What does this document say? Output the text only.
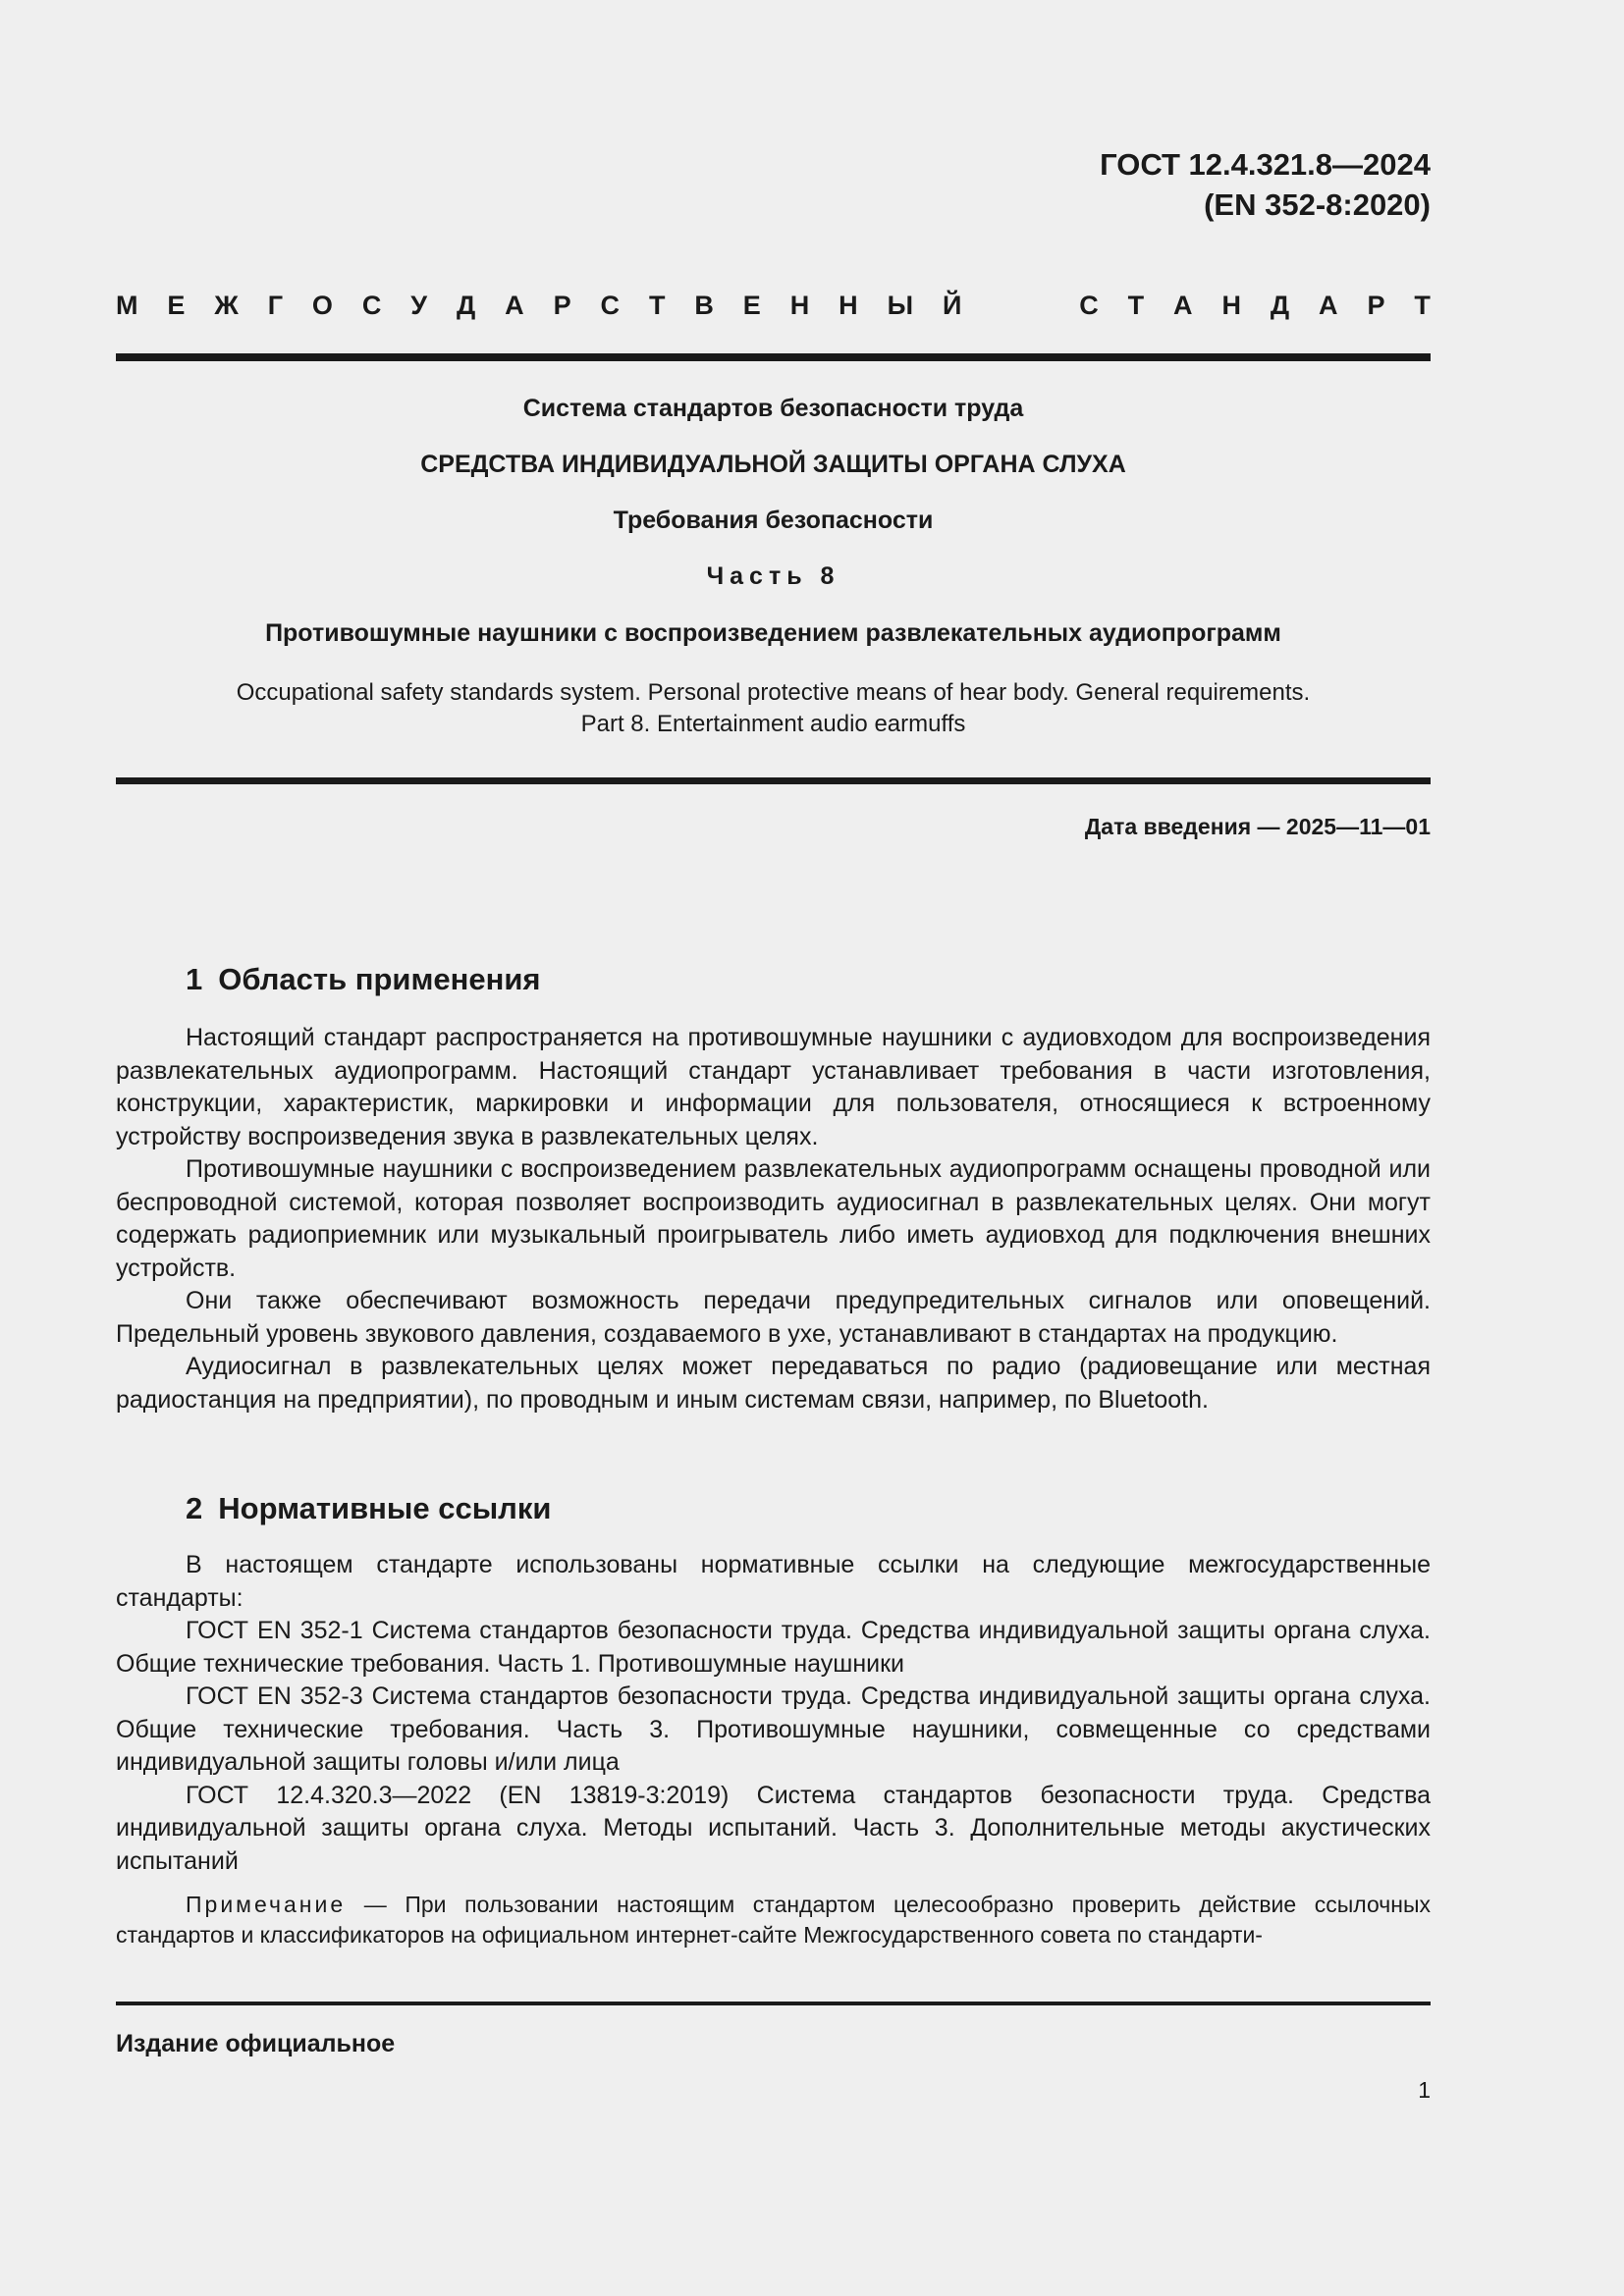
ГОСТ 12.4.321.8—2024
(EN 352-8:2020)
М Е Ж Г О С У Д А Р С Т В Е Н Н Ы Й	С Т А Н Д А Р Т
Система стандартов безопасности труда
СРЕДСТВА ИНДИВИДУАЛЬНОЙ ЗАЩИТЫ ОРГАНА СЛУХА
Требования безопасности
Часть 8
Противошумные наушники с воспроизведением развлекательных аудиопрограмм
Occupational safety standards system. Personal protective means of hear body. General requirements.
Part 8. Entertainment audio earmuffs
Дата введения — 2025—11—01
1 Область применения

Настоящий стандарт распространяется на противошумные наушники с аудиовходом для воспроизведения развлекательных аудиопрограмм. Настоящий стандарт устанавливает требования в части изготовления, конструкции, характеристик, маркировки и информации для пользователя, относящиеся к встроенному устройству воспроизведения звука в развлекательных целях.

Противошумные наушники с воспроизведением развлекательных аудиопрограмм оснащены проводной или беспроводной системой, которая позволяет воспроизводить аудиосигнал в развлекательных целях. Они могут содержать радиоприемник или музыкальный проигрыватель либо иметь аудиовход для подключения внешних устройств.

Они также обеспечивают возможность передачи предупредительных сигналов или оповещений. Предельный уровень звукового давления, создаваемого в ухе, устанавливают в стандартах на продукцию.

Аудиосигнал в развлекательных целях может передаваться по радио (радиовещание или местная радиостанция на предприятии), по проводным и иным системам связи, например, по Bluetooth.

2 Нормативные ссылки

В настоящем стандарте использованы нормативные ссылки на следующие межгосударственные стандарты:

ГОСТ EN 352-1 Система стандартов безопасности труда. Средства индивидуальной защиты органа слуха. Общие технические требования. Часть 1. Противошумные наушники

ГОСТ EN 352-3 Система стандартов безопасности труда. Средства индивидуальной защиты органа слуха. Общие технические требования. Часть 3. Противошумные наушники, совмещенные со средствами индивидуальной защиты головы и/или лица

ГОСТ 12.4.320.3—2022 (EN 13819-3:2019) Система стандартов безопасности труда. Средства индивидуальной защиты органа слуха. Методы испытаний. Часть 3. Дополнительные методы акустических испытаний

Примечание — При пользовании настоящим стандартом целесообразно проверить действие ссылочных стандартов и классификаторов на официальном интернет-сайте Межгосударственного совета по стандарти-
Издание официальное
1
